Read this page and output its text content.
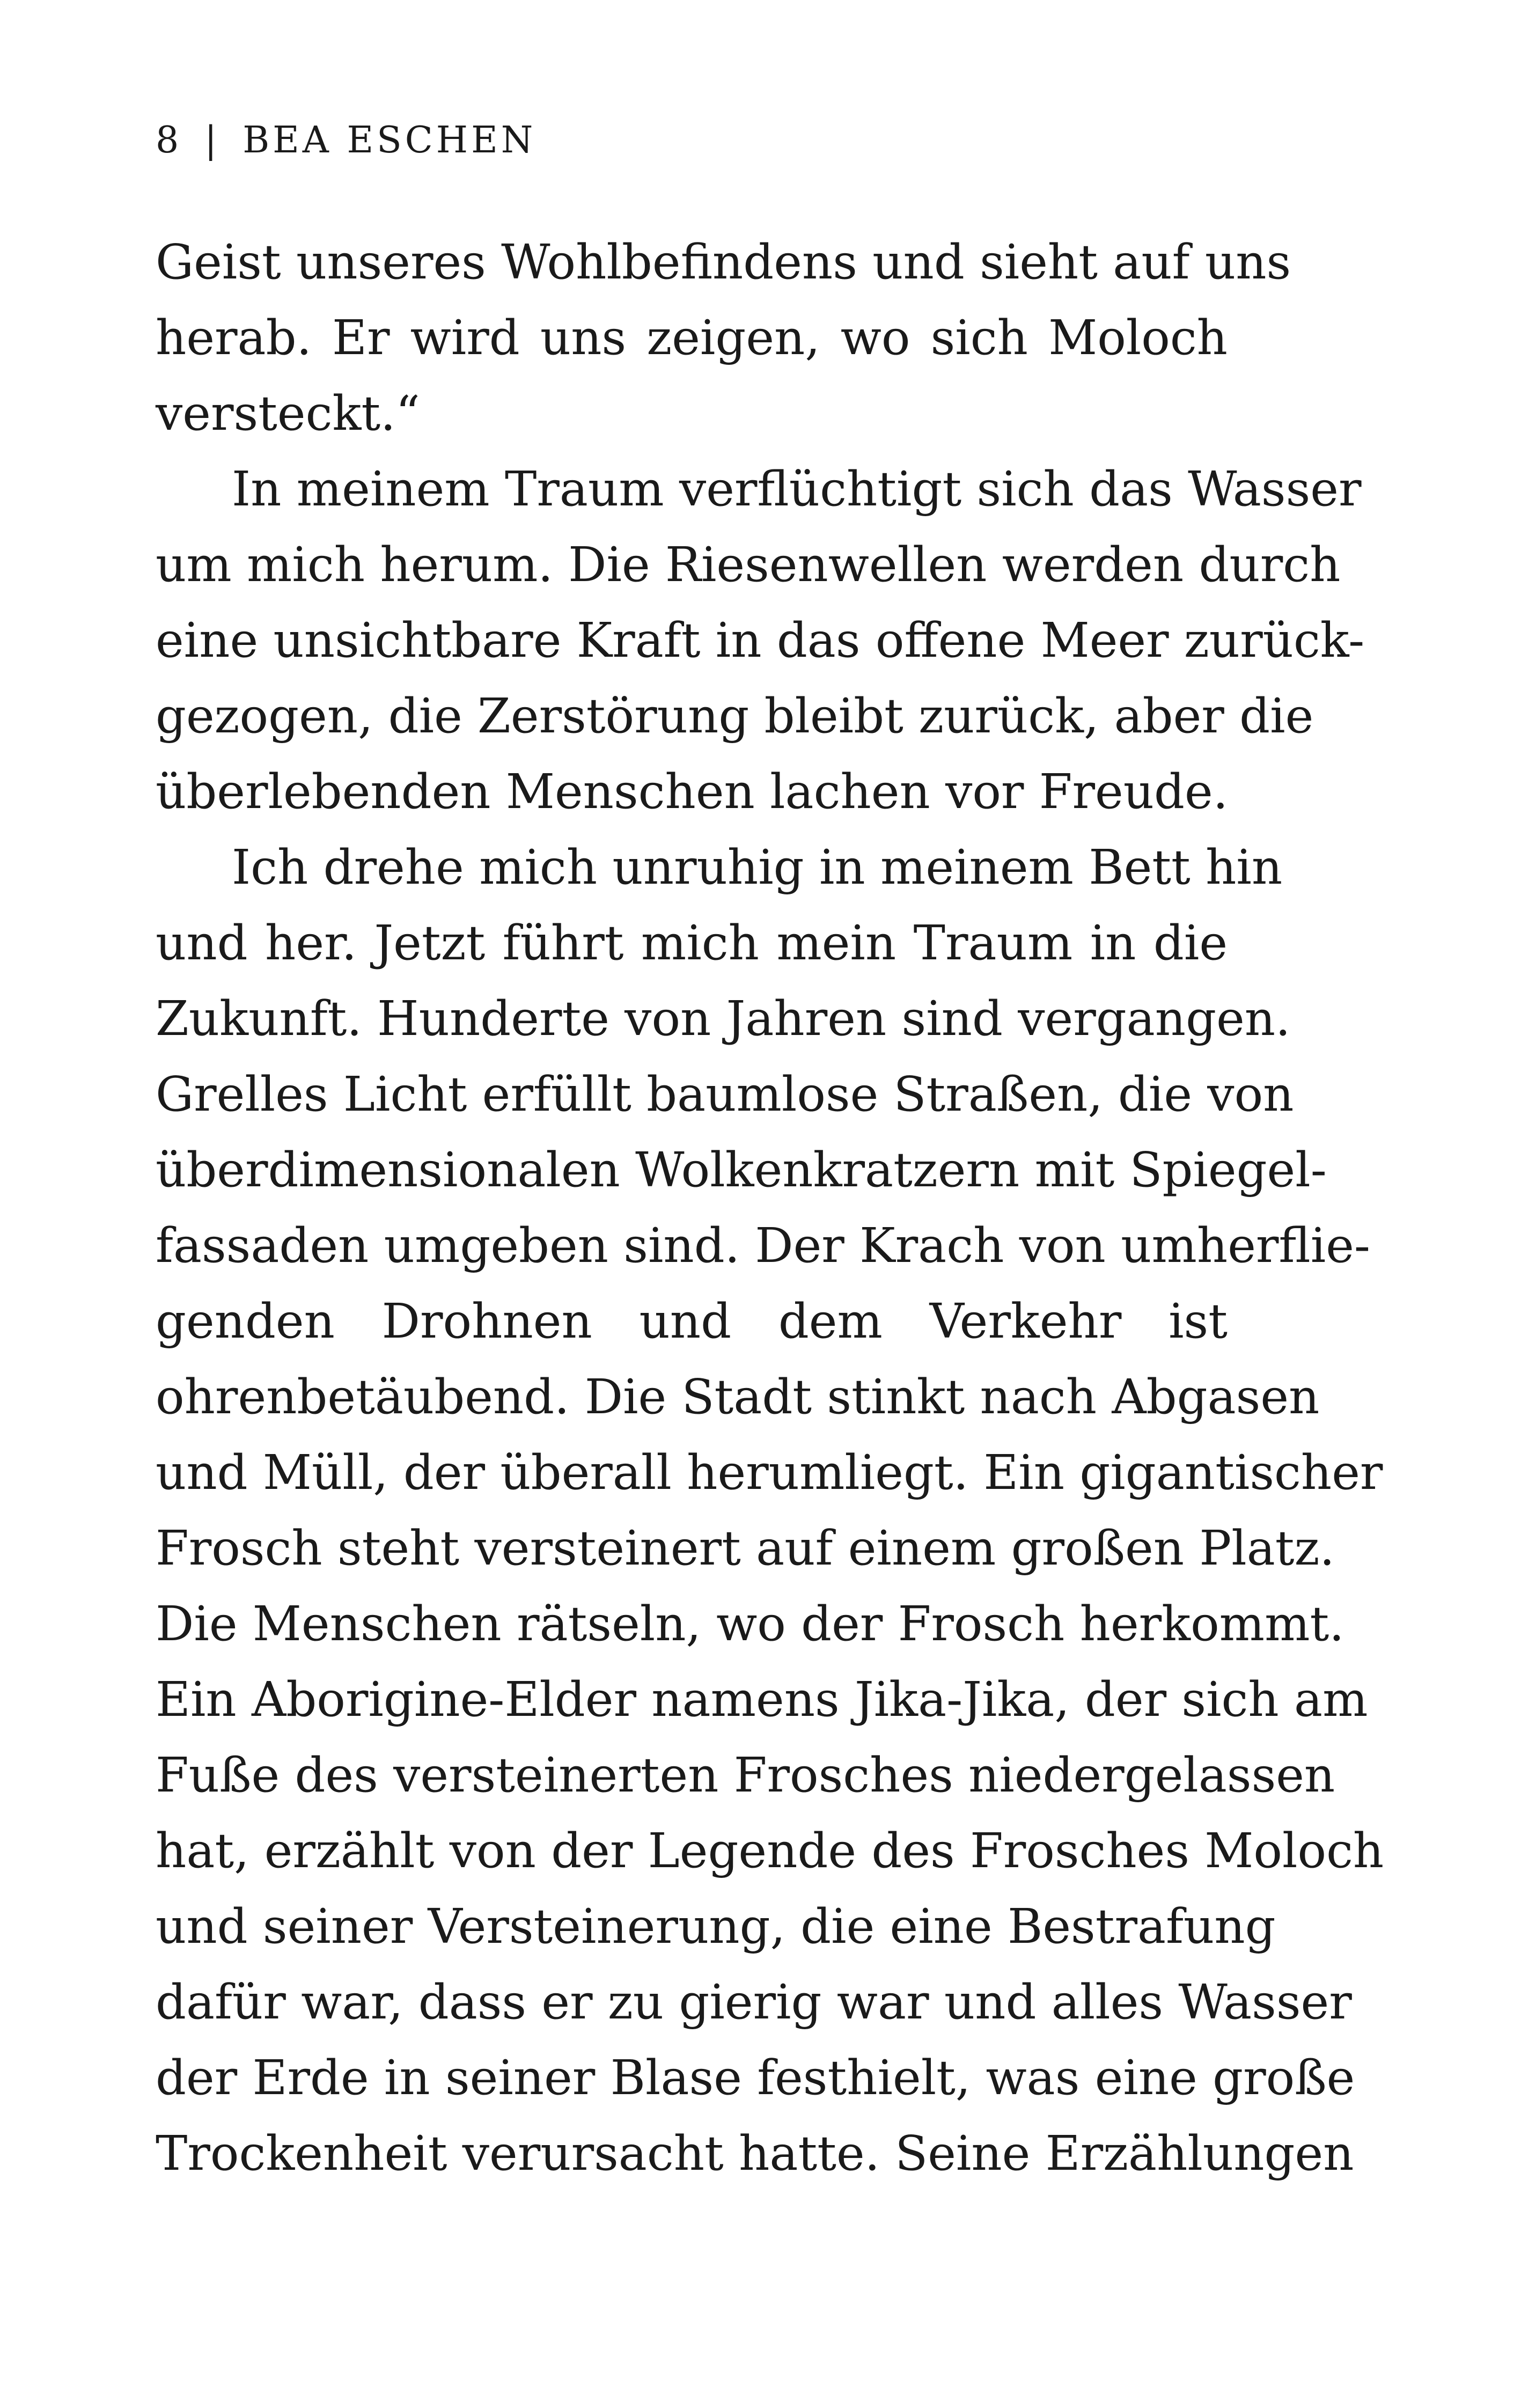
8 | BEA ESCHEN
Geist unseres Wohlbefindens und sieht auf uns
herab. Er wird uns zeigen, wo sich Moloch
versteckt.“
In meinem Traum verflüchtigt sich das Wasser
um mich herum. Die Riesenwellen werden durch
eine unsichtbare Kraft in das offene Meer zurück-
gezogen, die Zerstörung bleibt zurück, aber die
überlebenden Menschen lachen vor Freude.
Ich drehe mich unruhig in meinem Bett hin
und her. Jetzt führt mich mein Traum in die
Zukunft. Hunderte von Jahren sind vergangen.
Grelles Licht erfüllt baumlose Straßen, die von
überdimensionalen Wolkenkratzern mit Spiegel-
fassaden umgeben sind. Der Krach von umherflie-
genden Drohnen und dem Verkehr ist
ohrenbetäubend. Die Stadt stinkt nach Abgasen
und Müll, der überall herumliegt. Ein gigantischer
Frosch steht versteinert auf einem großen Platz.
Die Menschen rätseln, wo der Frosch herkommt.
Ein Aborigine-Elder namens Jika-Jika, der sich am
Fuße des versteinerten Frosches niedergelassen
hat, erzählt von der Legende des Frosches Moloch
und seiner Versteinerung, die eine Bestrafung
dafür war, dass er zu gierig war und alles Wasser
der Erde in seiner Blase festhielt, was eine große
Trockenheit verursacht hatte. Seine Erzählungen
